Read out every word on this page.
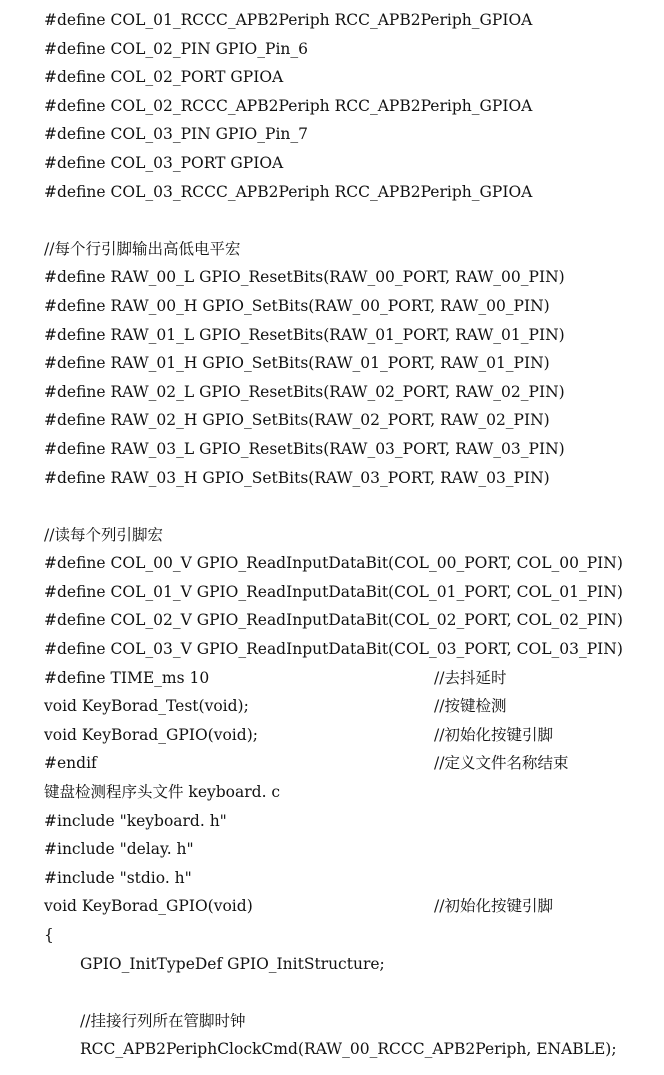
#define COL_01_RCCC_APB2Periph RCC_APB2Periph_GPIOA
#define COL_02_PIN GPIO_Pin_6
#define COL_02_PORT GPIOA
#define COL_02_RCCC_APB2Periph RCC_APB2Periph_GPIOA
#define COL_03_PIN GPIO_Pin_7
#define COL_03_PORT GPIOA
#define COL_03_RCCC_APB2Periph RCC_APB2Periph_GPIOA
//每个行引脚输出高低电平宏
#define RAW_00_L GPIO_ResetBits(RAW_00_PORT, RAW_00_PIN)
#define RAW_00_H GPIO_SetBits(RAW_00_PORT, RAW_00_PIN)
#define RAW_01_L GPIO_ResetBits(RAW_01_PORT, RAW_01_PIN)
#define RAW_01_H GPIO_SetBits(RAW_01_PORT, RAW_01_PIN)
#define RAW_02_L GPIO_ResetBits(RAW_02_PORT, RAW_02_PIN)
#define RAW_02_H GPIO_SetBits(RAW_02_PORT, RAW_02_PIN)
#define RAW_03_L GPIO_ResetBits(RAW_03_PORT, RAW_03_PIN)
#define RAW_03_H GPIO_SetBits(RAW_03_PORT, RAW_03_PIN)
//读每个列引脚宏
#define COL_00_V GPIO_ReadInputDataBit(COL_00_PORT, COL_00_PIN)
#define COL_01_V GPIO_ReadInputDataBit(COL_01_PORT, COL_01_PIN)
#define COL_02_V GPIO_ReadInputDataBit(COL_02_PORT, COL_02_PIN)
#define COL_03_V GPIO_ReadInputDataBit(COL_03_PORT, COL_03_PIN)
#define TIME_ms 10	//去抖延时
void KeyBorad_Test(void);	//按键检测
void KeyBorad_GPIO(void);	//初始化按键引脚
#endif	//定义文件名称结束
键盘检测程序头文件 keyboard. c
#include "keyboard. h"
#include "delay. h"
#include "stdio. h"
void KeyBorad_GPIO(void)	//初始化按键引脚
{
GPIO_InitTypeDef GPIO_InitStructure;
//挂接行列所在管脚时钟
RCC_APB2PeriphClockCmd(RAW_00_RCCC_APB2Periph, ENABLE);
